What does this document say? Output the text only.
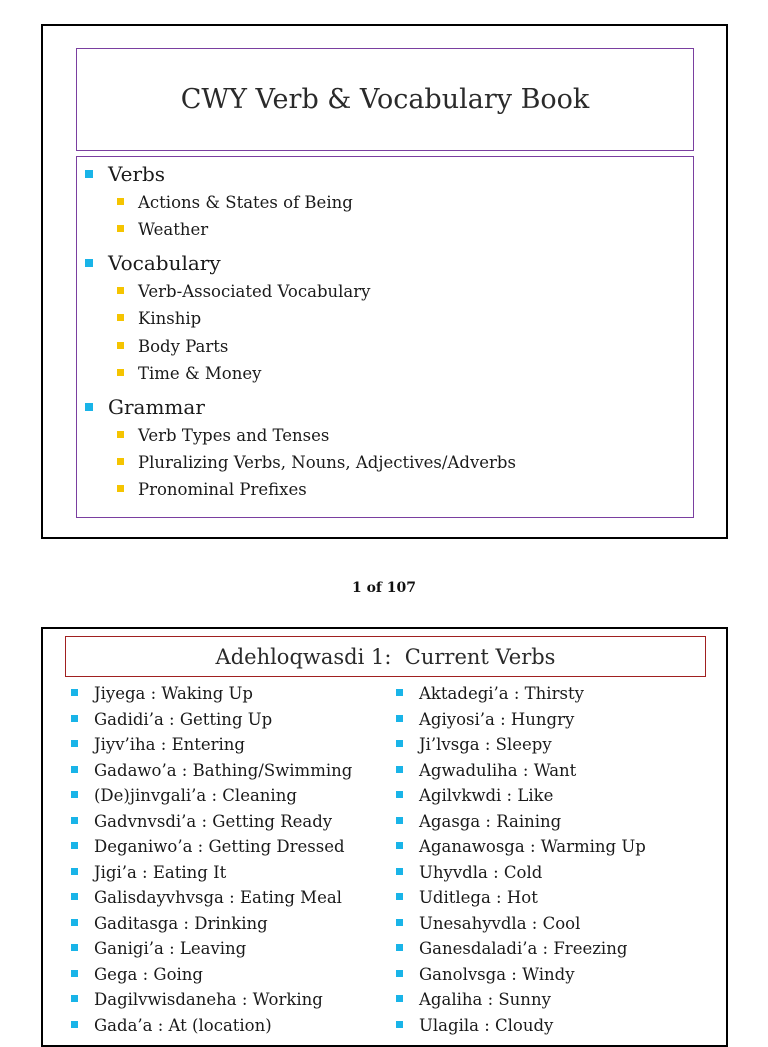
CWY Verb & Vocabulary Book
Verbs
Actions & States of Being
Weather
Vocabulary
Verb-Associated Vocabulary
Kinship
Body Parts
Time & Money
Grammar
Verb Types and Tenses
Pluralizing Verbs, Nouns, Adjectives/Adverbs
Pronominal Prefixes
1 of 107
Adehloqwasdi 1:  Current Verbs
Jiyega : Waking Up
Gadidi’a : Getting Up
Jiyv’iha : Entering
Gadawo’a : Bathing/Swimming
(De)jinvgali’a : Cleaning
Gadvnvsdi’a : Getting Ready
Deganiwo’a : Getting Dressed
Jigi’a : Eating It
Galisdayvhvsga : Eating Meal
Gaditasga : Drinking
Ganigi’a : Leaving
Gega : Going
Dagilvwisdaneha : Working
Gada’a : At (location)
Aktadegi’a : Thirsty
Agiyosi’a : Hungry
Ji’lvsga : Sleepy
Agwaduliha : Want
Agilvkwdi : Like
Agasga : Raining
Aganawosga : Warming Up
Uhyvdla : Cold
Uditlega : Hot
Unesahyvdla : Cool
Ganesdaladi’a : Freezing
Ganolvsga : Windy
Agaliha : Sunny
Ulagila : Cloudy
